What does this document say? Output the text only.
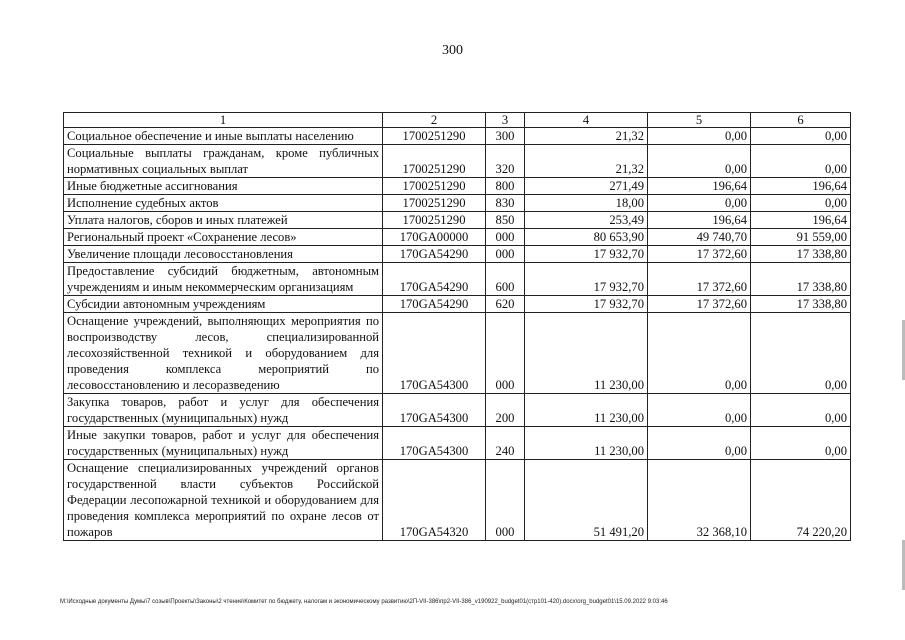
300
1	2	3	4	5	6
Социальное обеспечение и иные выплаты населению	1700251290	300	21,32	0,00	0,00
Социальные выплаты гражданам, кроме публичных нормативных социальных выплат	1700251290	320	21,32	0,00	0,00
Иные бюджетные ассигнования	1700251290	800	271,49	196,64	196,64
Исполнение судебных актов	1700251290	830	18,00	0,00	0,00
Уплата налогов, сборов и иных платежей	1700251290	850	253,49	196,64	196,64
Региональный проект «Сохранение лесов»	170GA00000	000	80 653,90	49 740,70	91 559,00
Увеличение площади лесовосстановления	170GA54290	000	17 932,70	17 372,60	17 338,80
Предоставление субсидий бюджетным, автономным учреждениям и иным некоммерческим организациям	170GA54290	600	17 932,70	17 372,60	17 338,80
Субсидии автономным учреждениям	170GA54290	620	17 932,70	17 372,60	17 338,80
Оснащение учреждений, выполняющих мероприятия по воспроизводству лесов, специализированной лесохозяйственной техникой и оборудованием для проведения комплекса мероприятий по лесовосстановлению и лесоразведению	170GA54300	000	11 230,00	0,00	0,00
Закупка товаров, работ и услуг для обеспечения государственных (муниципальных) нужд	170GA54300	200	11 230,00	0,00	0,00
Иные закупки товаров, работ и услуг для обеспечения государственных (муниципальных) нужд	170GA54300	240	11 230,00	0,00	0,00
Оснащение специализированных учреждений органов государственной власти субъектов Российской Федерации лесопожарной техникой и оборудованием для проведения комплекса мероприятий по охране лесов от пожаров	170GA54320	000	51 491,20	32 368,10	74 220,20
M:\Исходные документы Думы\7 созыв\Проекты\Законы\2 чтение\Комитет по бюджету, налогам и экономическому развитию\2П-VII-386\пр2-VII-386_v190922_budget01(стр101-420).docx\org_budget01\15.09.2022 9:03:46
